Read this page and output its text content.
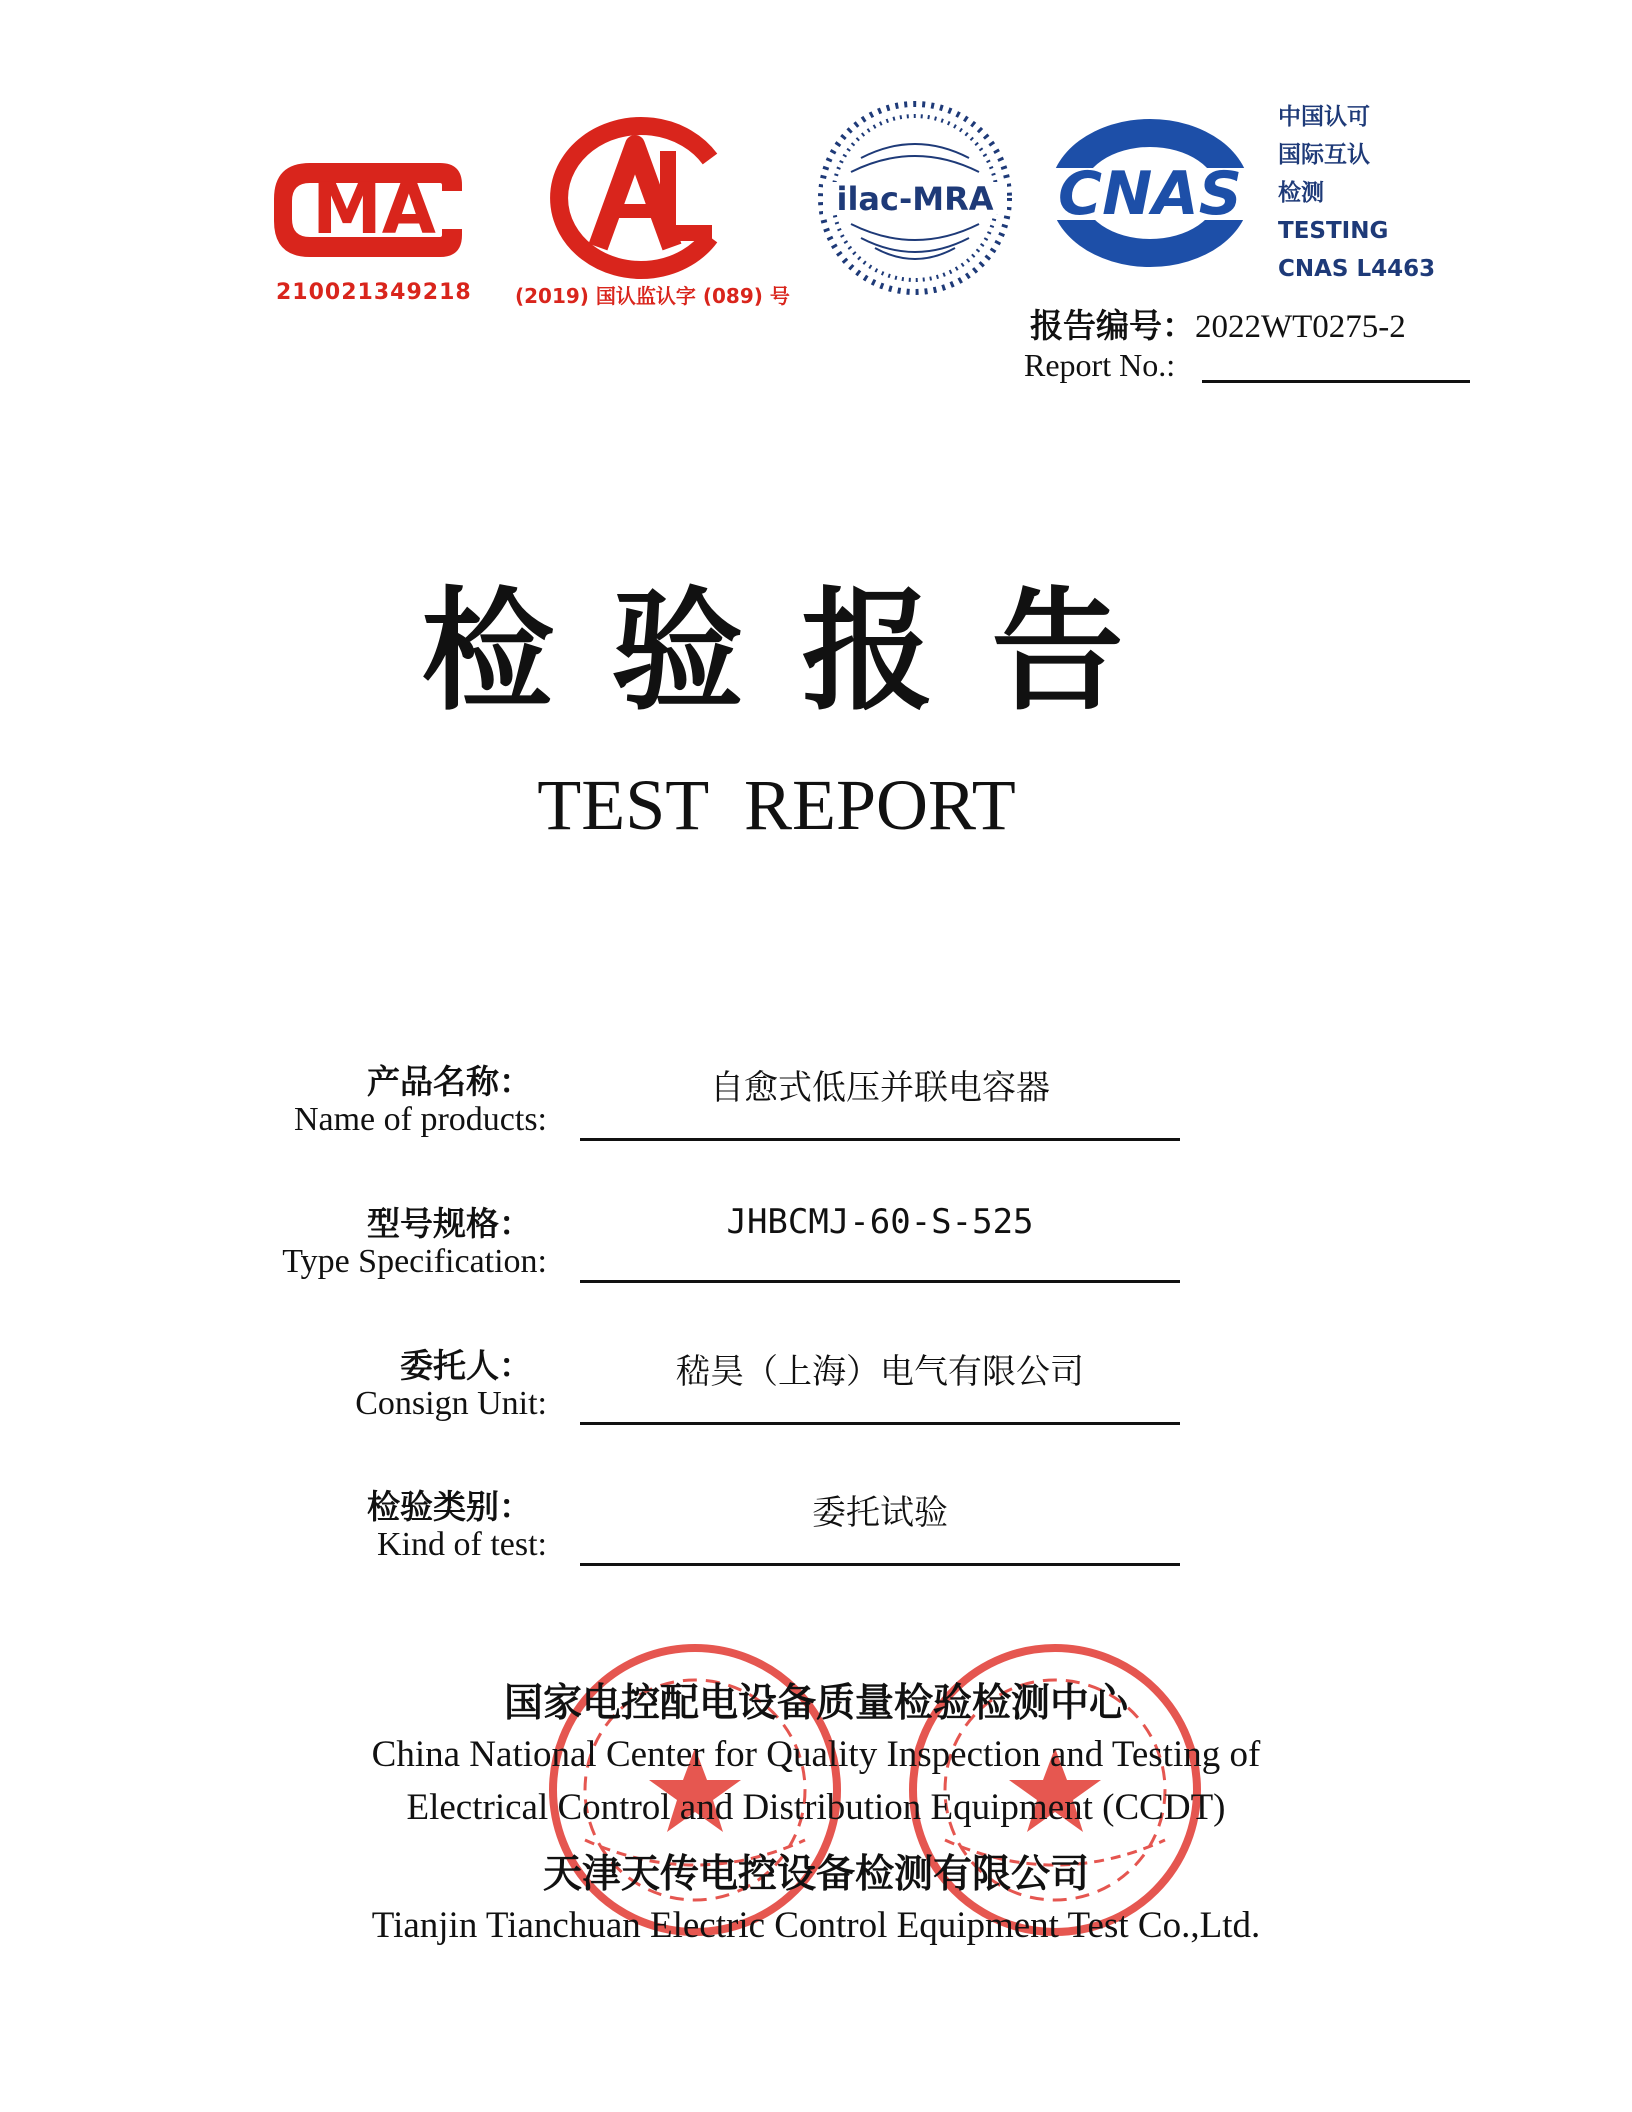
MA
210021349218 (2019) 国认监认字 (089) 号
ilac-MRA CNAS
中国认可
国际互认
检测
TESTING
CNAS L4463
报告编号：2022WT0275-2
Report No.:
检验报告
TEST REPORT
产品名称：
Name of products:
自愈式低压并联电容器
型号规格：
Type Specification:
JHBCMJ-60-S-525
委托人：
Consign Unit:
嵇昊（上海）电气有限公司
检验类别：
Kind of test:
委托试验
国家电控配电设备质量检验检测中心
China National Center for Quality Inspection and Testing of
Electrical Control and Distribution Equipment (CCDT)
天津天传电控设备检测有限公司
Tianjin Tianchuan Electric Control Equipment Test Co.,Ltd.
